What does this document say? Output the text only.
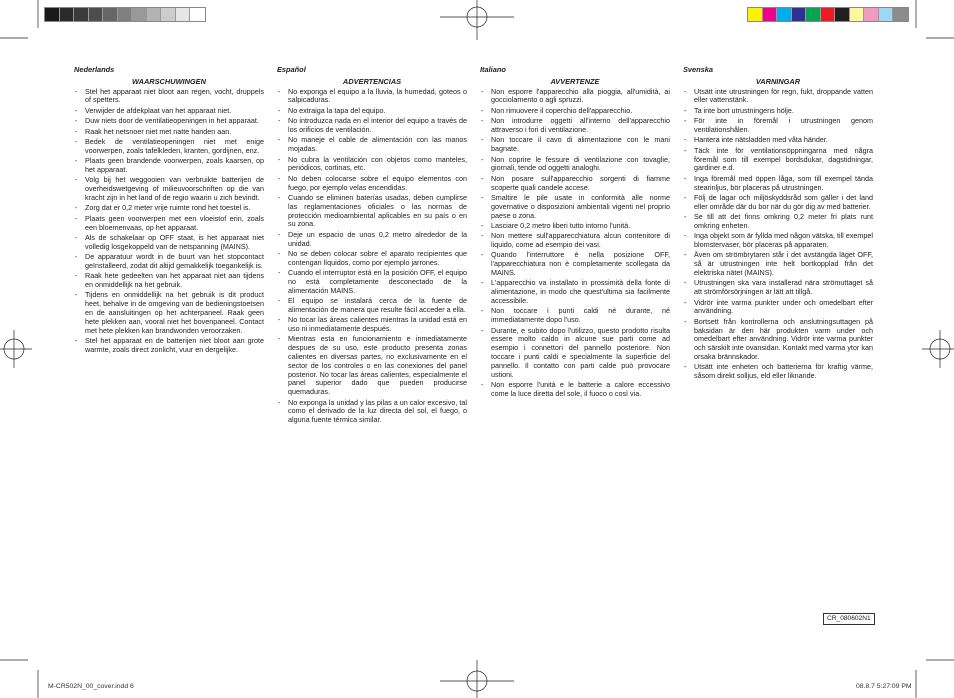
Nederlands
WAARSCHUWINGEN
- Stel het apparaat niet bloot aan regen, vocht, druppels of spetters.
- Verwijder de afdekplaat van het apparaat niet.
- Duw niets door de ventilatieopeningen in het apparaat.
- Raak het netsnoer niet met natte handen aan.
- Bedek de ventilatieopeningen niet met enige voorwerpen, zoals tafelkleden, kranten, gordijnen, enz.
- Plaats geen brandende voorwerpen, zoals kaarsen, op het apparaat.
- Volg bij het weggooien van verbruikte batterijen de overheidswetgeving of milieuvoorschriften op die van kracht zijn in het land of de regio waarin u zich bevindt.
- Zorg dat er 0,2 meter vrije ruimte rond het toestel is.
- Plaats geen voorwerpen met een vloeistof erin, zoals een bloemenvaas, op het apparaat.
- Als de schakelaar op OFF staat, is het apparaat niet volledig losgekoppeld van de netspanning (MAINS).
- De apparatuur wordt in de buurt van het stopcontact geïnstalleerd, zodat dit altijd gemakkelijk toegankelijk is.
- Raak hete gedeelten van het apparaat niet aan tijdens en onmiddellijk na het gebruik.
- Tijdens en onmiddellijk na het gebruik is dit product heet, behalve in de omgeving van de bedieningstoetsen en de aansluitingen op het achterpaneel. Raak geen hete plekken aan, vooral niet het bovenpaneel. Contact met hete plekken kan brandwonden veroorzaken.
- Stel het apparaat en de batterijen niet bloot aan grote warmte, zoals direct zonlicht, vuur en dergelijke.
Español
ADVERTENCIAS
- No exponga el equipo a la lluvia, la humedad, goteos o salpicaduras.
- No extraiga la tapa del equipo.
- No introduzca nada en el interior del equipo a través de los orificios de ventilación.
- No maneje el cable de alimentación con las manos mojadas.
- No cubra la ventilación con objetos como manteles, periódicos, cortinas, etc.
- No deben colocarse sobre el equipo elementos con fuego, por ejemplo velas encendidas.
- Cuando se eliminen baterías usadas, deben cumplirse las reglamentaciones oficiales o las normas de protección medioambiental aplicables en su país o en su zona.
- Deje un espacio de unos 0,2 metro alrededor de la unidad.
- No se deben colocar sobre el aparato recipientes que contengan líquidos, como por ejemplo jarrones.
- Cuando el interruptor está en la posición OFF, el equipo no está completamente desconectado de la alimentación MAINS.
- El equipo se instalará cerca de la fuente de alimentación de manera que resulte fácil acceder a ella.
- No tocar las áreas calientes mientras la unidad está en uso ni inmediatamente después.
- Mientras esta en funcionamiento e inmediatamente despues de su uso, este producto presenta zonas calientes en diversas partes, no exclusivamente en el sector de los controles o en las conexiones del panel posterior. No tocar las áreas calientes, especialmente el panel superior dado que pueden producirse quemaduras.
- No exponga la unidad y las pilas a un calor excesivo, tal como el derivado de la luz directa del sol, el fuego, o alguna fuente térmica similar.
Italiano
AVVERTENZE
- Non esporre l'apparecchio alla pioggia, all'umidità, ai gocciolamento o agli spruzzi.
- Non rimuovere il coperchio dell'apparecchio.
- Non introdurre oggetti all'interno dell'apparecchio attraverso i fori di ventilazione.
- Non toccare il cavo di alimentazione con le mani bagnate.
- Non coprire le fessure di ventilazione con tovaglie, giornali, tende od oggetti analoghi.
- Non posare sull'apparecchio sorgenti di fiamme scoperte quali candele accese.
- Smaltire le pile usate in conformità alle norme governative o disposizioni ambientali vigenti nel proprio paese o zona.
- Lasciare 0,2 metro liberi tutto intorno l'unità.
- Non mettere sull'apparecchiatura alcun contenitore di liquido, come ad esempio dei vasi.
- Quando l'interruttore è nella posizione OFF, l'apparecchiatura non è completamente scollegata da MAINS.
- L'apparecchio va installato in prossimità della fonte di alimentazione, in modo che quest'ultima sia facilmente accessibile.
- Non toccare i punti caldi né durante, né immediatamente dopo l'uso.
- Durante, e subito dopo l'utilizzo, questo prodotto risulta essere molto caldo in alcune sue parti come ad esempio i connettori del pannello posteriore. Non toccare i punti caldi e specialmente la superficie del pannello. Il contatto con parti calde può provocare ustioni.
- Non esporre l'unità e le batterie a calore eccessivo come la luce diretta del sole, il fuoco o così via.
Svenska
VARNINGAR
- Utsätt inte utrustningen för regn, fukt, droppande vatten eller vattenstänk.
- Ta inte bort utrustningens hölje.
- För inte in föremål i utrustningen genom ventilationshålen.
- Hantera inte nätsladden med våta händer.
- Täck inte för ventilationsöppningarna med några föremål som till exempel bordsdukar, dagstidningar, gardiner e.d.
- Inga föremål med öppen låga, som till exempel tända stearinljus, bör placeras på utrustningen.
- Följ de lagar och miljöskyddsråd som gäller i det land eller område där du bor när du gör dig av med batterier.
- Se till att det finns omkring 0,2 meter fri plats runt omkring enheten.
- Inga objekt som är fyllda med någon vätska, till exempel blomstervaser, bör placeras på apparaten.
- Även om strömbrytaren står i det avstängda läget OFF, så är utrustningen inte helt bortkopplad från det elektriska nätet (MAINS).
- Utrustningen ska vara installerad nära strömuttaget så att strömförsörjningen är lätt att tillgå.
- Vidrör inte varma punkter under och omedelbart efter användning.
- Bortsett från kontrollerna och anslutningsuttagen på baksidan är den här produkten varm under och omedelbart efter användning. Vidrör inte varma punkter och särskilt inte ovansidan. Kontakt med varma ytor kan orsaka brännskador.
- Utsätt inte enheten och batterierna för kraftig värme, såsom direkt solljus, eld eller liknande.
CR_080602N1
M-CR502N_00_cover.indd 6	08.8.7 5:27:09 PM
